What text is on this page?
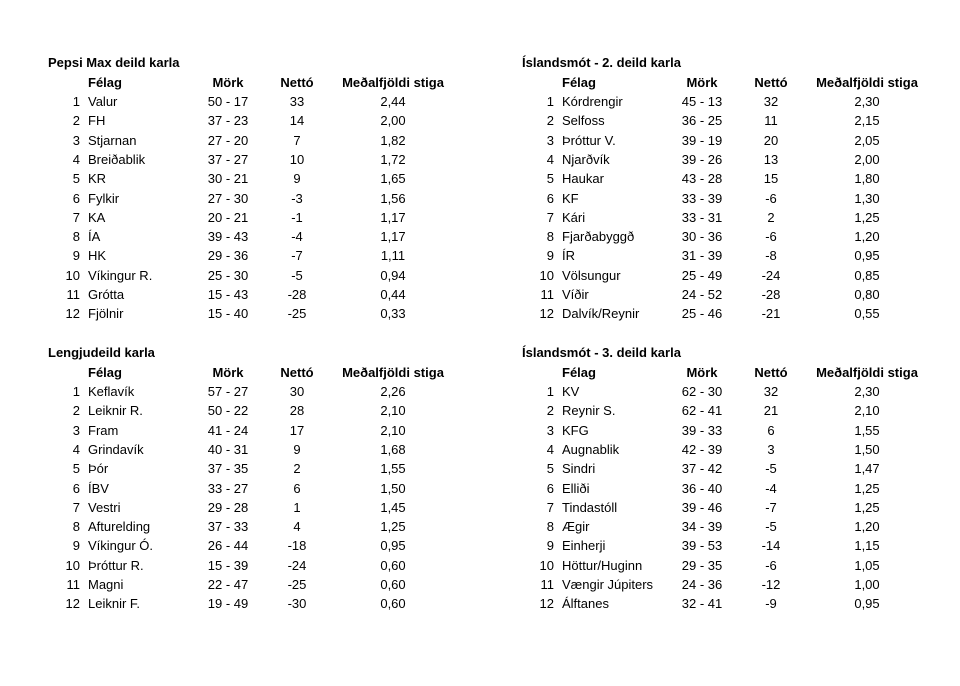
Pepsi Max deild karla
Félag	Mörk	Nettó	Meðalfjöldi stiga
1 Valur	50 - 17	33	2,44
2 FH	37 - 23	14	2,00
3 Stjarnan	27 - 20	7	1,82
4 Breiðablik	37 - 27	10	1,72
5 KR	30 - 21	9	1,65
6 Fylkir	27 - 30	-3	1,56
7 KA	20 - 21	-1	1,17
8 ÍA	39 - 43	-4	1,17
9 HK	29 - 36	-7	1,11
10 Víkingur R.	25 - 30	-5	0,94
11 Grótta	15 - 43	-28	0,44
12 Fjölnir	15 - 40	-25	0,33
Íslandsmót - 2. deild karla
Félag	Mörk	Nettó	Meðalfjöldi stiga
1 Kórdrengir	45 - 13	32	2,30
2 Selfoss	36 - 25	11	2,15
3 Þróttur V.	39 - 19	20	2,05
4 Njarðvík	39 - 26	13	2,00
5 Haukar	43 - 28	15	1,80
6 KF	33 - 39	-6	1,30
7 Kári	33 - 31	2	1,25
8 Fjarðabyggð	30 - 36	-6	1,20
9 ÍR	31 - 39	-8	0,95
10 Völsungur	25 - 49	-24	0,85
11 Víðir	24 - 52	-28	0,80
12 Dalvík/Reynir	25 - 46	-21	0,55
Lengjudeild karla
Félag	Mörk	Nettó	Meðalfjöldi stiga
1 Keflavík	57 - 27	30	2,26
2 Leiknir R.	50 - 22	28	2,10
3 Fram	41 - 24	17	2,10
4 Grindavík	40 - 31	9	1,68
5 Þór	37 - 35	2	1,55
6 ÍBV	33 - 27	6	1,50
7 Vestri	29 - 28	1	1,45
8 Afturelding	37 - 33	4	1,25
9 Víkingur Ó.	26 - 44	-18	0,95
10 Þróttur R.	15 - 39	-24	0,60
11 Magni	22 - 47	-25	0,60
12 Leiknir F.	19 - 49	-30	0,60
Íslandsmót - 3. deild karla
Félag	Mörk	Nettó	Meðalfjöldi stiga
1 KV	62 - 30	32	2,30
2 Reynir S.	62 - 41	21	2,10
3 KFG	39 - 33	6	1,55
4 Augnablik	42 - 39	3	1,50
5 Sindri	37 - 42	-5	1,47
6 Elliði	36 - 40	-4	1,25
7 Tindastóll	39 - 46	-7	1,25
8 Ægir	34 - 39	-5	1,20
9 Einherji	39 - 53	-14	1,15
10 Höttur/Huginn	29 - 35	-6	1,05
11 Vængir Júpiters	24 - 36	-12	1,00
12 Álftanes	32 - 41	-9	0,95
